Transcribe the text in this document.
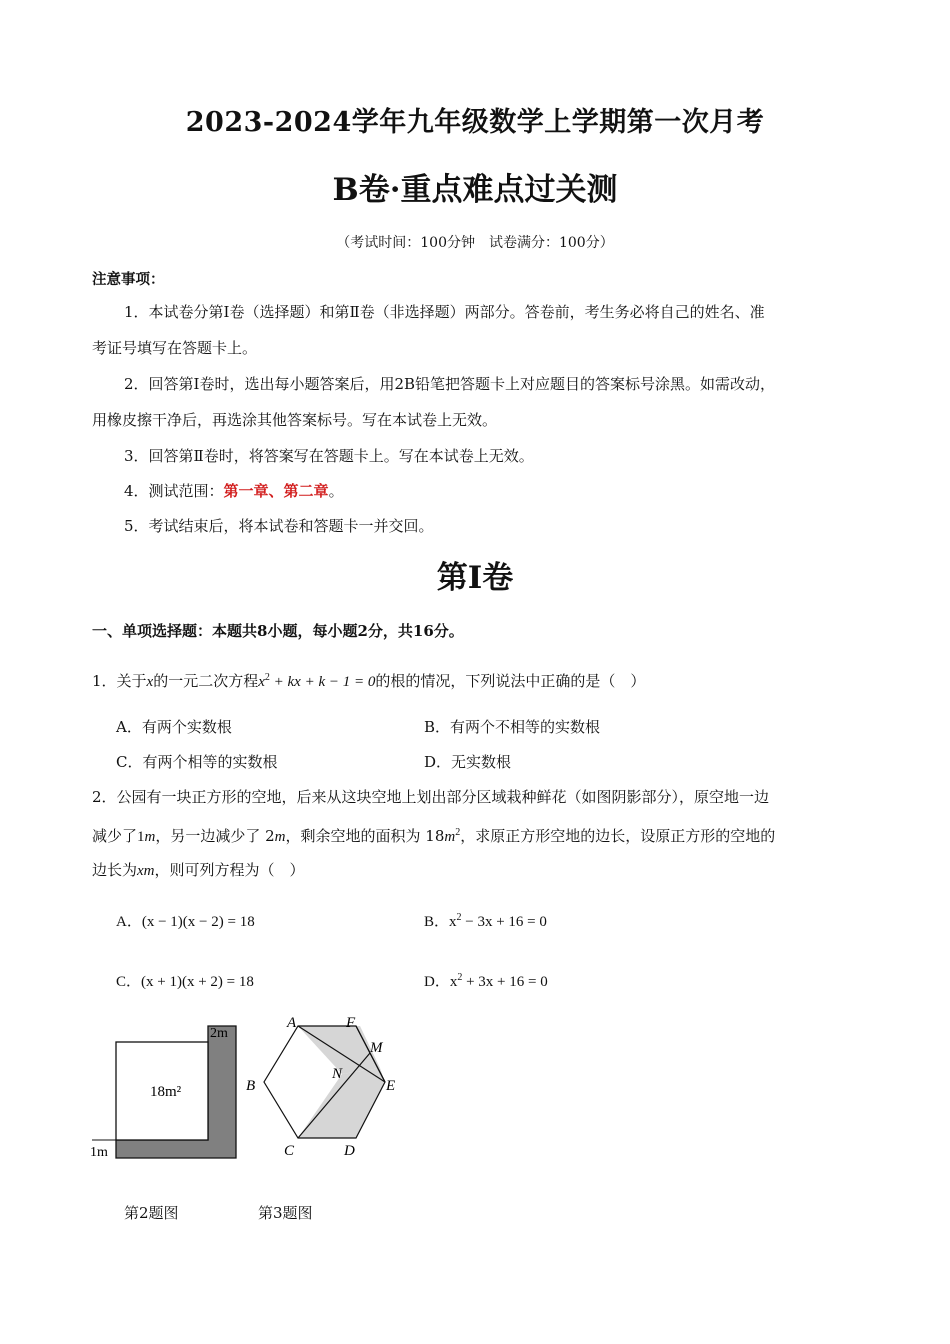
2023-2024学年九年级数学上学期第一次月考
B卷·重点难点过关测
（考试时间：100分钟　试卷满分：100分）
注意事项：
1．本试卷分第Ⅰ卷（选择题）和第Ⅱ卷（非选择题）两部分。答卷前，考生务必将自己的姓名、准
考证号填写在答题卡上。
2．回答第Ⅰ卷时，选出每小题答案后，用2B铅笔把答题卡上对应题目的答案标号涂黑。如需改动，
用橡皮擦干净后，再选涂其他答案标号。写在本试卷上无效。
3．回答第Ⅱ卷时，将答案写在答题卡上。写在本试卷上无效。
4．测试范围：第一章、第二章。
5．考试结束后，将本试卷和答题卡一并交回。
第Ⅰ卷
一、单项选择题：本题共8小题，每小题2分，共16分。
1．关于x的一元二次方程$x^2$ + kx + k − 1 = 0的根的情况，下列说法中正确的是（　）
A．有两个实数根	B．有两个不相等的实数根
C．有两个相等的实数根	D．无实数根
2．公园有一块正方形的空地，后来从这块空地上划出部分区域栽种鲜花（如图阴影部分），原空地一边
减少了1m，另一边减少了 2m，剩余空地的面积为 $18m^2$，求原正方形空地的边长，设原正方形的空地的
边长为xm，则可列方程为（　）
A．(x − 1)(x − 2) = 18	B．$x^2 - 3x + 16 = 0$
C．(x + 1)(x + 2) = 18	D．$x^2 + 3x + 16 = 0$
2m
18m²
1m
A	F
M
N
B	E
C	D
第2题图	第3题图
